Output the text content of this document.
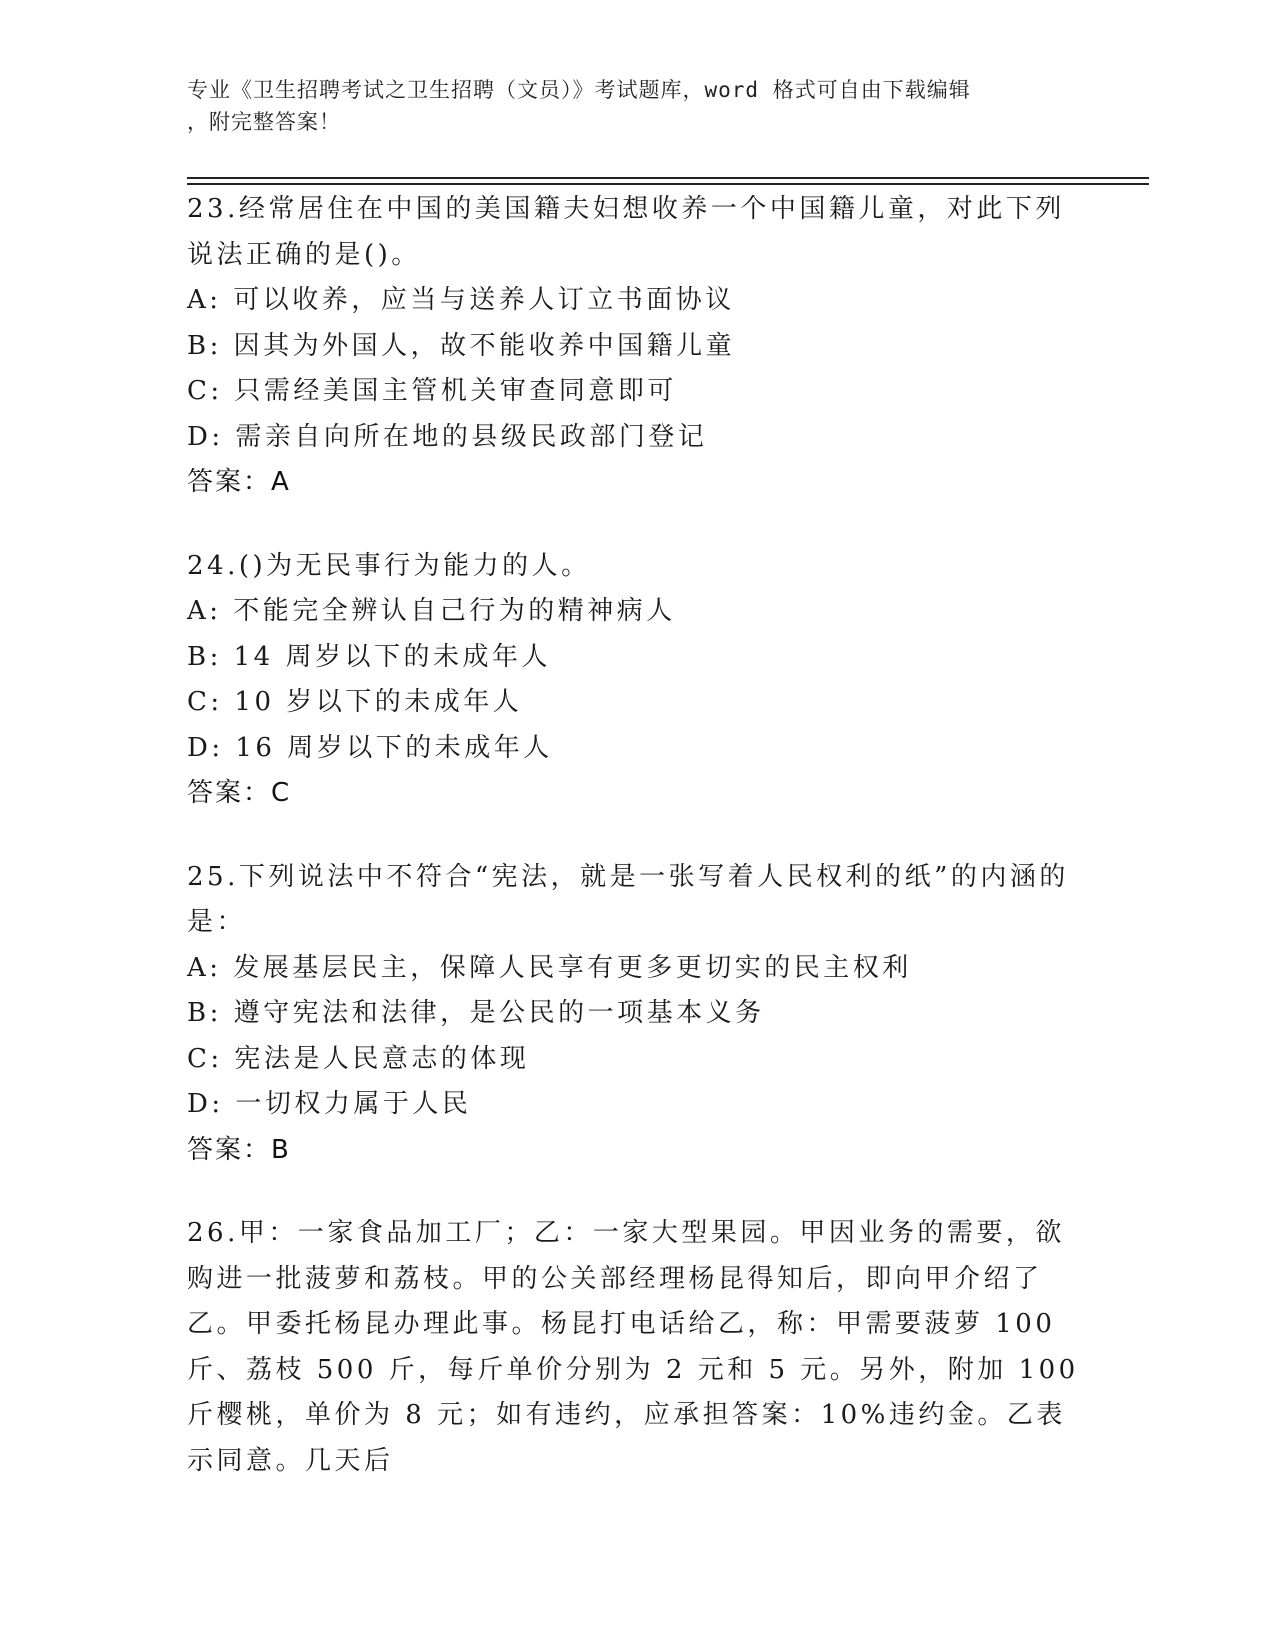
专业《卫生招聘考试之卫生招聘（文员）》考试题库，word 格式可自由下载编辑
，附完整答案！
23.经常居住在中国的美国籍夫妇想收养一个中国籍儿童，对此下列说法正确的是()。
A: 可以收养，应当与送养人订立书面协议
B: 因其为外国人，故不能收养中国籍儿童
C: 只需经美国主管机关审查同意即可
D: 需亲自向所在地的县级民政部门登记
答案：A
24.()为无民事行为能力的人。
A: 不能完全辨认自己行为的精神病人
B: 14 周岁以下的未成年人
C: 10 岁以下的未成年人
D: 16 周岁以下的未成年人
答案：C
25.下列说法中不符合“宪法，就是一张写着人民权利的纸”的内涵的是：
A: 发展基层民主，保障人民享有更多更切实的民主权利
B: 遵守宪法和法律，是公民的一项基本义务
C: 宪法是人民意志的体现
D: 一切权力属于人民
答案：B
26.甲：一家食品加工厂；乙：一家大型果园。甲因业务的需要，欲购进一批菠萝和荔枝。甲的公关部经理杨昆得知后，即向甲介绍了乙。甲委托杨昆办理此事。杨昆打电话给乙，称：甲需要菠萝 100 斤、荔枝 500 斤，每斤单价分别为 2 元和 5 元。另外，附加 100 斤樱桃，单价为 8 元；如有违约，应承担答案：10%违约金。乙表示同意。几天后
